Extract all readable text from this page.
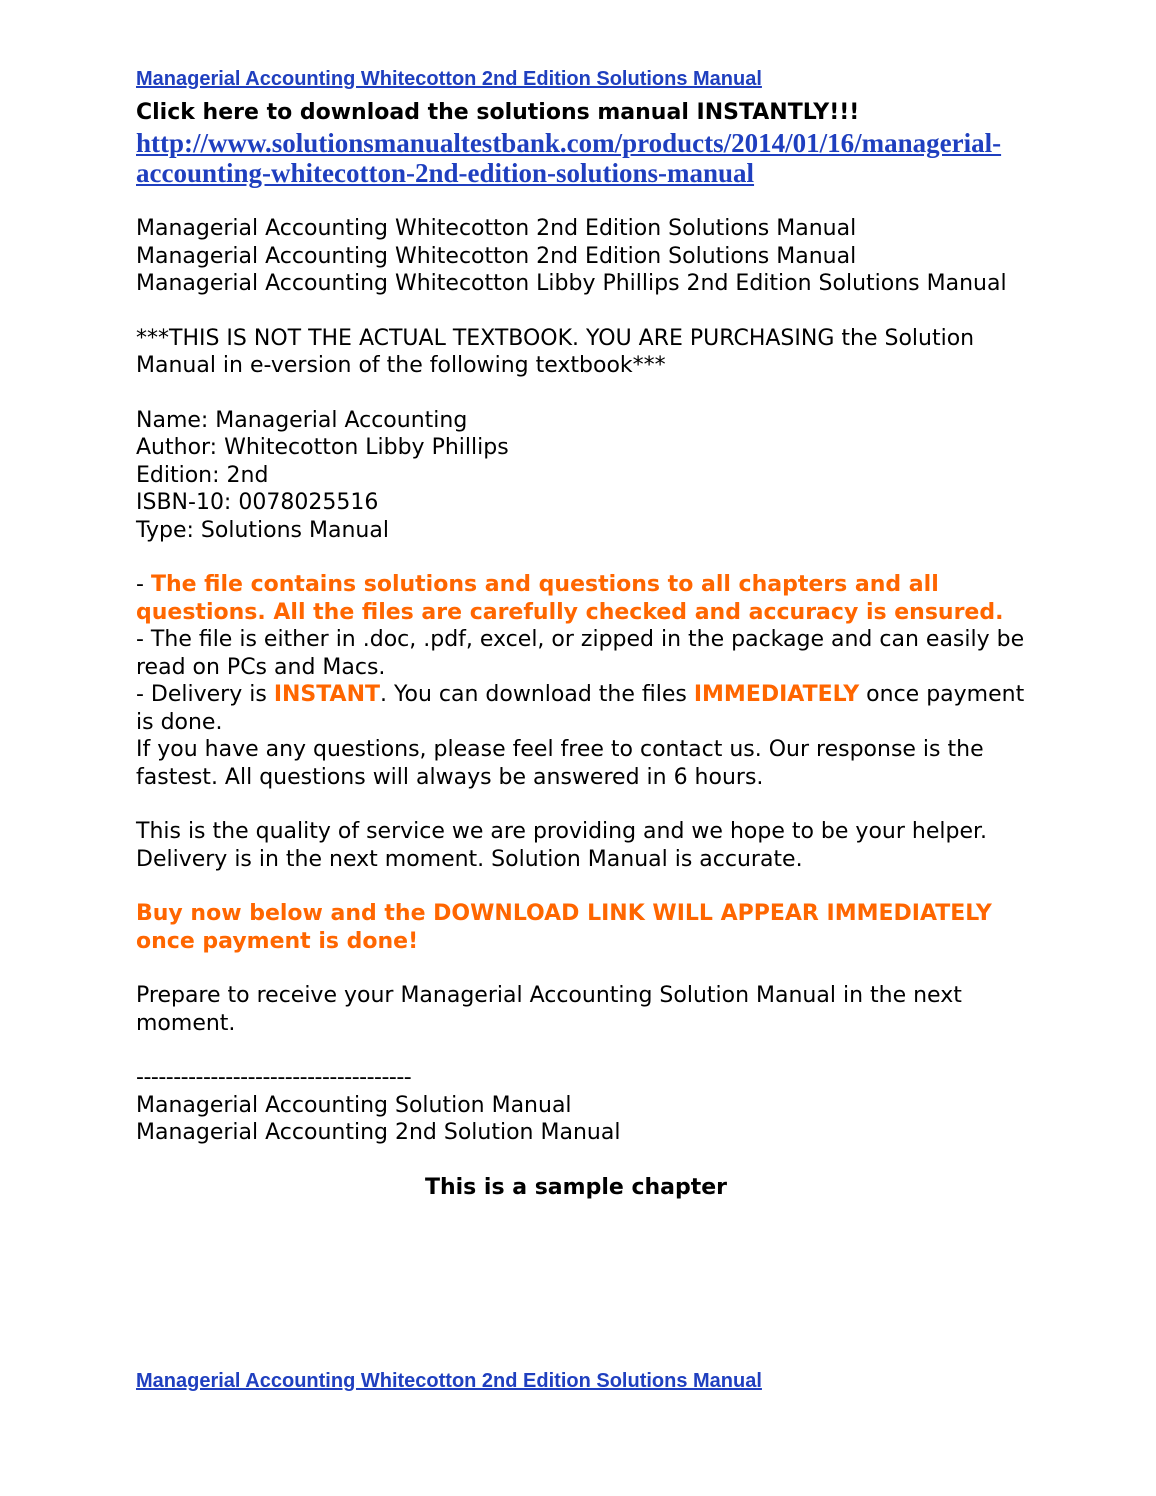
Managerial Accounting Whitecotton 2nd Edition Solutions Manual
Click here to download the solutions manual INSTANTLY!!!
http://www.solutionsmanualtestbank.com/products/2014/01/16/managerial-accounting-whitecotton-2nd-edition-solutions-manual
Managerial Accounting Whitecotton 2nd Edition Solutions Manual
Managerial Accounting Whitecotton 2nd Edition Solutions Manual
Managerial Accounting Whitecotton Libby Phillips 2nd Edition Solutions Manual
***THIS IS NOT THE ACTUAL TEXTBOOK. YOU ARE PURCHASING the Solution Manual in e-version of the following textbook***
Name: Managerial Accounting
Author: Whitecotton Libby Phillips
Edition: 2nd
ISBN-10: 0078025516
Type: Solutions Manual
- The file contains solutions and questions to all chapters and all questions. All the files are carefully checked and accuracy is ensured.
- The file is either in .doc, .pdf, excel, or zipped in the package and can easily be read on PCs and Macs.
- Delivery is INSTANT. You can download the files IMMEDIATELY once payment is done.
If you have any questions, please feel free to contact us. Our response is the fastest. All questions will always be answered in 6 hours.
This is the quality of service we are providing and we hope to be your helper.
Delivery is in the next moment. Solution Manual is accurate.
Buy now below and the DOWNLOAD LINK WILL APPEAR IMMEDIATELY once payment is done!
Prepare to receive your Managerial Accounting Solution Manual in the next moment.
-------------------------------------
Managerial Accounting Solution Manual
Managerial Accounting 2nd Solution Manual
This is a sample chapter
Managerial Accounting Whitecotton 2nd Edition Solutions Manual
